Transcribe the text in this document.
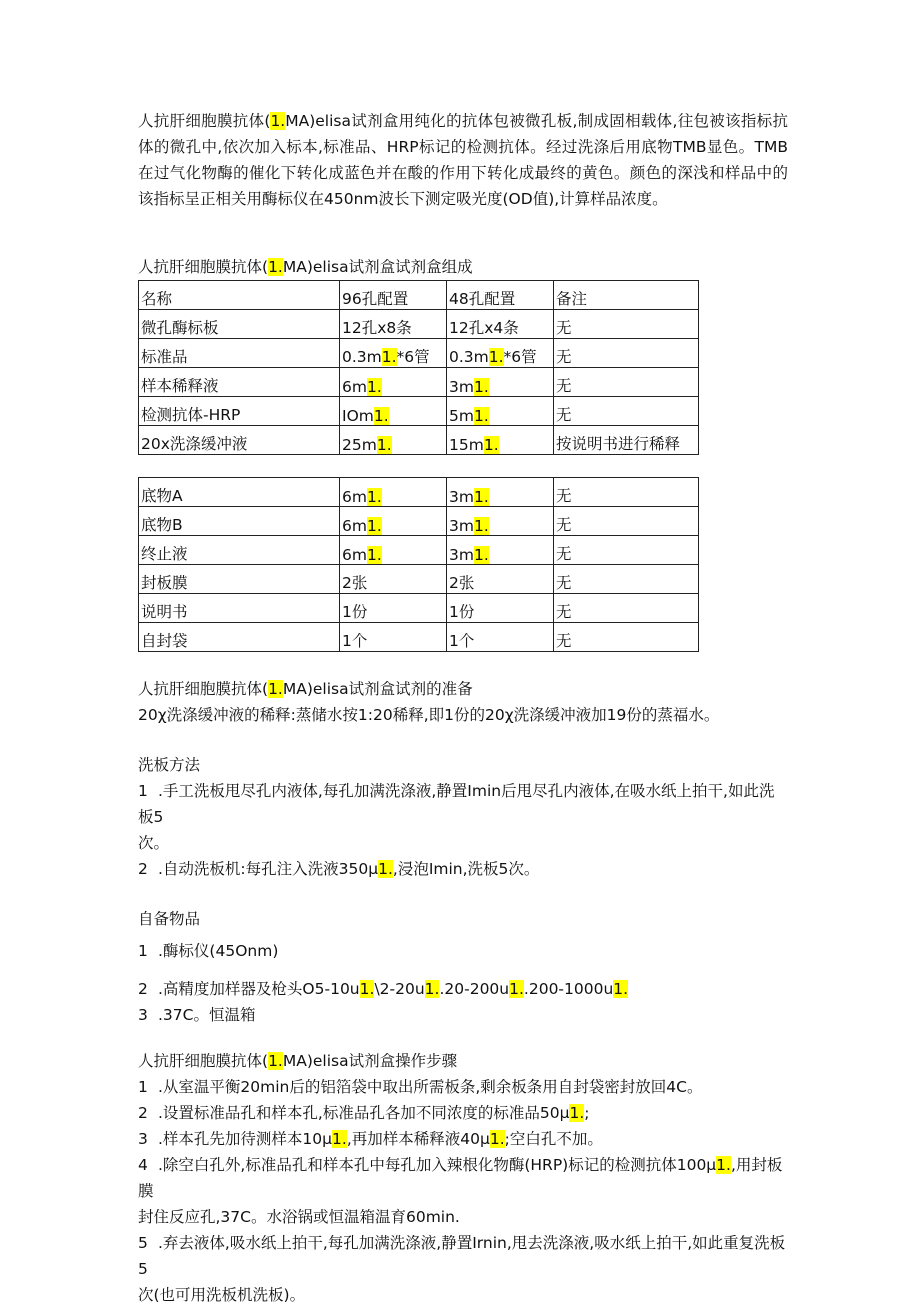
人抗肝细胞膜抗体(1.MA)elisa试剂盒用纯化的抗体包被微孔板,制成固相载体,往包被该指标抗体的微孔中,依次加入标本,标准品、HRP标记的检测抗体。经过洗涤后用底物TMB显色。TMB在过气化物酶的催化下转化成蓝色并在酸的作用下转化成最终的黄色。颜色的深浅和样品中的该指标呈正相关用酶标仪在450nm波长下测定吸光度(OD值),计算样品浓度。

人抗肝细胞膜抗体(1.MA)elisa试剂盒试剂盒组成

名称	96孔配置	48孔配置	备注
微孔酶标板	12孔x8条	12孔x4条	无
标准品	0.3m1.*6管	0.3m1.*6管	无
样本稀释液	6m1.	3m1.	无
检测抗体-HRP	IOm1.	5m1.	无
20x洗涤缓冲液	25m1.	15m1.	按说明书进行稀释
底物A	6m1.	3m1.	无
底物B	6m1.	3m1.	无
终止液	6m1.	3m1.	无
封板膜	2张	2张	无
说明书	1份	1份	无
自封袋	1个	1个	无

人抗肝细胞膜抗体(1.MA)elisa试剂盒试剂的准备

20χ洗涤缓冲液的稀释:蒸储水按1:20稀释,即1份的20χ洗涤缓冲液加19份的蒸福水。

洗板方法

1 .手工洗板甩尽孔内液体,每孔加满洗涤液,静置Imin后甩尽孔内液体,在吸水纸上拍干,如此洗板5

次。

2 .自动洗板机:每孔注入洗液350μ1.,浸泡Imin,洗板5次。

自备物品

1 .酶标仪(45Onm)

2 .高精度加样器及枪头O5-10u1.\2-20u1..20-200u1..200-1000u1.

3 .37C。恒温箱

人抗肝细胞膜抗体(1.MA)elisa试剂盒操作步骤

1 .从室温平衡20min后的铝箔袋中取出所需板条,剩余板条用自封袋密封放回4C。

2 .设置标准品孔和样本孔,标准品孔各加不同浓度的标准品50μ1.;

3 .样本孔先加待测样本10μ1.,再加样本稀释液40μ1.;空白孔不加。

4 .除空白孔外,标准品孔和样本孔中每孔加入辣根化物酶(HRP)标记的检测抗体100μ1.,用封板膜

封住反应孔,37C。水浴锅或恒温箱温育60min.

5 .弃去液体,吸水纸上拍干,每孔加满洗涤液,静置Irnin,甩去洗涤液,吸水纸上拍干,如此重复洗板5

次(也可用洗板机洗板)。
